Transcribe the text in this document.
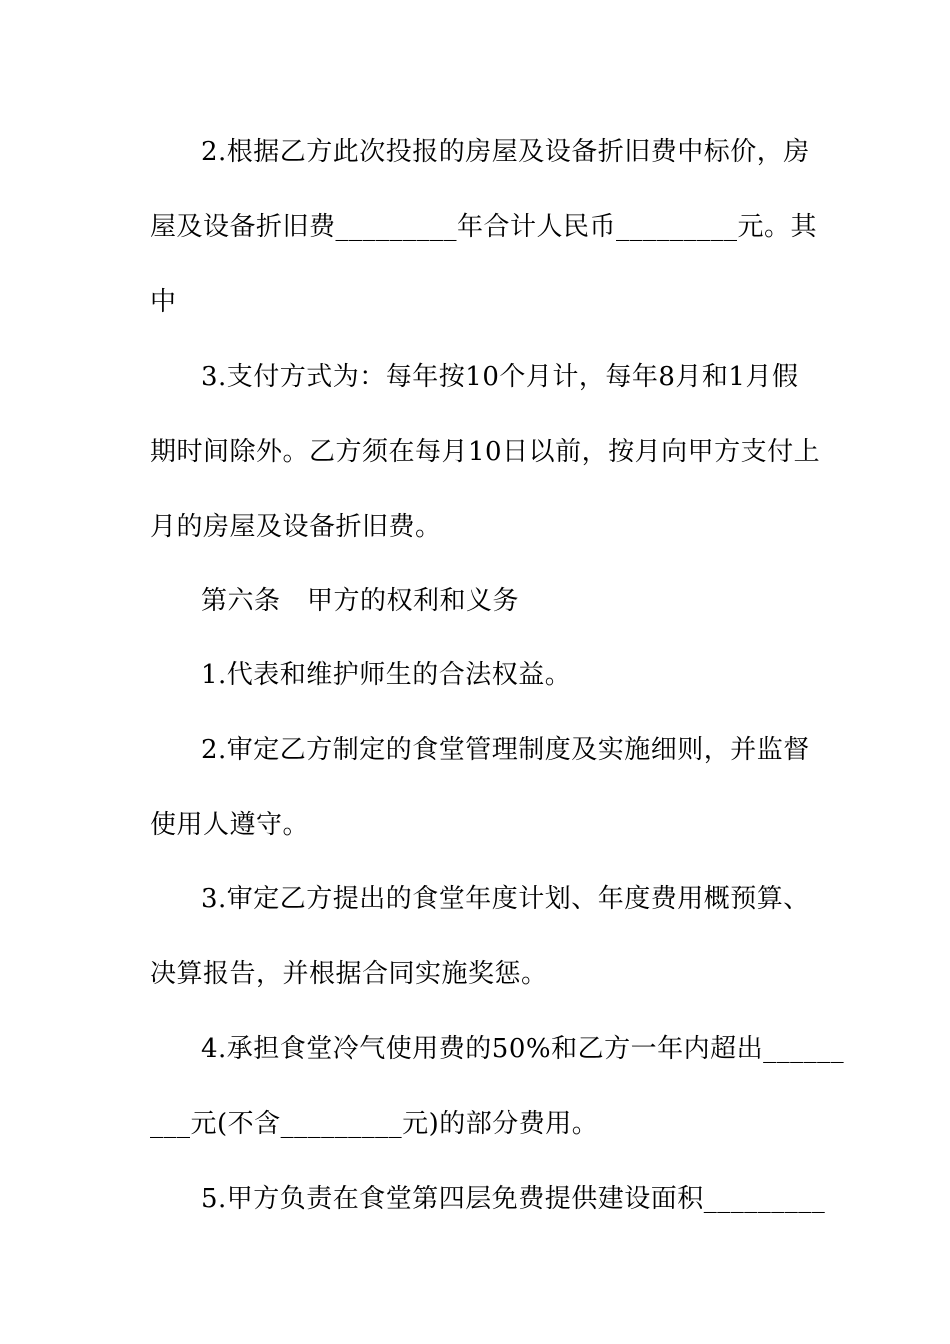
2.根据乙方此次投报的房屋及设备折旧费中标价，房
屋及设备折旧费_________年合计人民币_________元。其
中
3.支付方式为：每年按10个月计，每年8月和1月假
期时间除外。乙方须在每月10日以前，按月向甲方支付上
月的房屋及设备折旧费。
第六条　甲方的权利和义务
1.代表和维护师生的合法权益。
2.审定乙方制定的食堂管理制度及实施细则，并监督
使用人遵守。
3.审定乙方提出的食堂年度计划、年度费用概预算、
决算报告，并根据合同实施奖惩。
4.承担食堂冷气使用费的50%和乙方一年内超出______
___元(不含_________元)的部分费用。
5.甲方负责在食堂第四层免费提供建设面积_________
